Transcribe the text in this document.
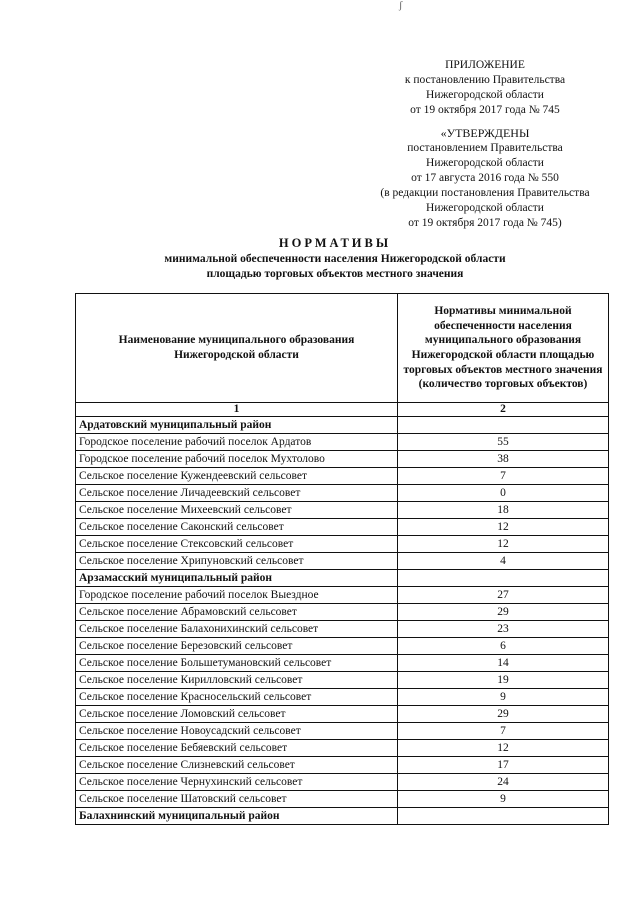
ʃ
ПРИЛОЖЕНИЕ
к постановлению Правительства
Нижегородской области
от 19 октября 2017 года № 745
«УТВЕРЖДЕНЫ
постановлением Правительства
Нижегородской области
от 17 августа 2016 года № 550
(в редакции постановления Правительства
Нижегородской области
от 19 октября 2017 года № 745)
НОРМАТИВЫ
минимальной обеспеченности населения Нижегородской области
площадью торговых объектов местного значения
Наименование муниципального образования Нижегородской области	Нормативы минимальной обеспеченности населения муниципального образования Нижегородской области площадью торговых объектов местного значения (количество торговых объектов)
1	2
Ардатовский муниципальный район	
Городское поселение рабочий поселок Ардатов	55
Городское поселение рабочий поселок Мухтолово	38
Сельское поселение Кужендеевский сельсовет	7
Сельское поселение Личадеевский сельсовет	0
Сельское поселение Михеевский сельсовет	18
Сельское поселение Саконский сельсовет	12
Сельское поселение Стексовский сельсовет	12
Сельское поселение Хрипуновский сельсовет	4
Арзамасский муниципальный район	
Городское поселение рабочий поселок Выездное	27
Сельское поселение Абрамовский сельсовет	29
Сельское поселение Балахонихинский сельсовет	23
Сельское поселение Березовский сельсовет	6
Сельское поселение Большетумановский сельсовет	14
Сельское поселение Кирилловский сельсовет	19
Сельское поселение Красносельский сельсовет	9
Сельское поселение Ломовский сельсовет	29
Сельское поселение Новоусадский сельсовет	7
Сельское поселение Бебяевский сельсовет	12
Сельское поселение Слизневский сельсовет	17
Сельское поселение Чернухинский сельсовет	24
Сельское поселение Шатовский сельсовет	9
Балахнинский муниципальный район	
